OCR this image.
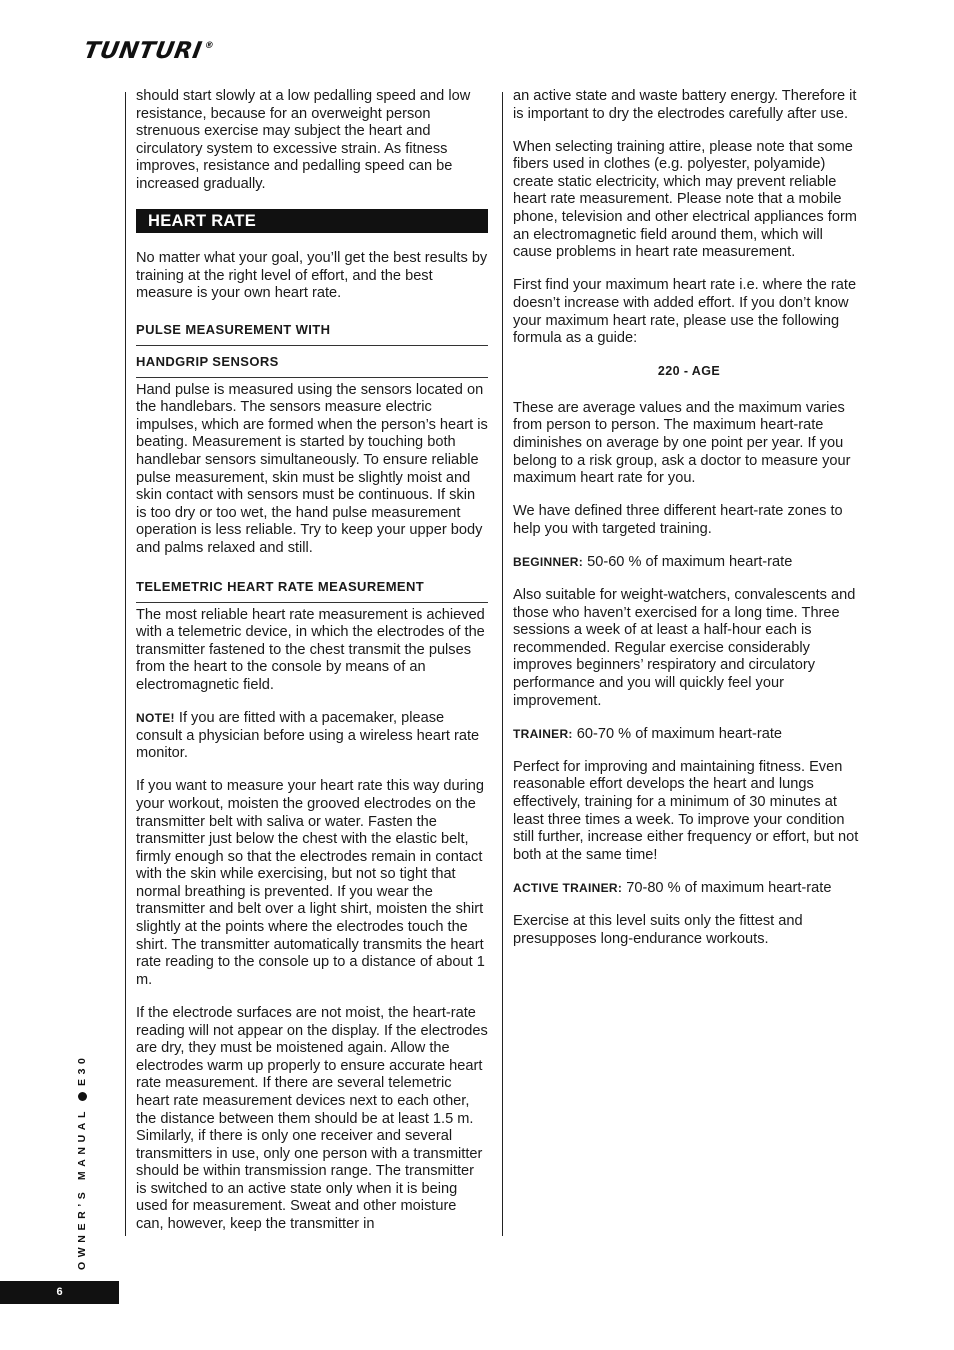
TUNTURI®

should start slowly at a low pedalling speed and low resistance, because for an overweight person strenuous exercise may subject the heart and circulatory system to excessive strain. As fitness improves, resistance and pedalling speed can be increased gradually.

HEART RATE

No matter what your goal, you’ll get the best results by training at the right level of effort, and the best measure is your own heart rate.

PULSE MEASUREMENT WITH
HANDGRIP SENSORS

Hand pulse is measured using the sensors located on the handlebars. The sensors measure electric impulses, which are formed when the person’s heart is beating. Measurement is started by touching both handlebar sensors simultaneously. To ensure reliable pulse measurement, skin must be slightly moist and skin contact with sensors must be continuous. If skin is too dry or too wet, the hand pulse measurement operation is less reliable. Try to keep your upper body and palms relaxed and still.

TELEMETRIC HEART RATE MEASUREMENT

The most reliable heart rate measurement is achieved with a telemetric device, in which the electrodes of the transmitter fastened to the chest transmit the pulses from the heart to the console by means of an electromagnetic field.

NOTE! If you are fitted with a pacemaker, please consult a physician before using a wireless heart rate monitor.

If you want to measure your heart rate this way during your workout, moisten the grooved electrodes on the transmitter belt with saliva or water. Fasten the transmitter just below the chest with the elastic belt, firmly enough so that the electrodes remain in contact with the skin while exercising, but not so tight that normal breathing is prevented. If you wear the transmitter and belt over a light shirt, moisten the shirt slightly at the points where the electrodes touch the shirt. The transmitter automatically transmits the heart rate reading to the console up to a distance of about 1 m.

If the electrode surfaces are not moist, the heart-rate reading will not appear on the display. If the electrodes are dry, they must be moistened again. Allow the electrodes warm up properly to ensure accurate heart rate measurement. If there are several telemetric heart rate measurement devices next to each other, the distance between them should be at least 1.5 m. Similarly, if there is only one receiver and several transmitters in use, only one person with a transmitter should be within transmission range. The transmitter is switched to an active state only when it is being used for measurement. Sweat and other moisture can, however, keep the transmitter in

an active state and waste battery energy. Therefore it is important to dry the electrodes carefully after use.

When selecting training attire, please note that some fibers used in clothes (e.g. polyester, polyamide) create static electricity, which may prevent reliable heart rate measurement. Please note that a mobile phone, television and other electrical appliances form an electromagnetic field around them, which will cause problems in heart rate measurement.

First find your maximum heart rate i.e. where the rate doesn’t increase with added effort. If you don’t know your maximum heart rate, please use the following formula as a guide:

220 - AGE

These are average values and the maximum varies from person to person. The maximum heart-rate diminishes on average by one point per year. If you belong to a risk group, ask a doctor to measure your maximum heart rate for you.

We have defined three different heart-rate zones to help you with targeted training.

BEGINNER: 50-60 % of maximum heart-rate

Also suitable for weight-watchers, convalescents and those who haven’t exercised for a long time. Three sessions a week of at least a half-hour each is recommended. Regular exercise considerably improves beginners’ respiratory and circulatory performance and you will quickly feel your improvement.

TRAINER: 60-70 % of maximum heart-rate

Perfect for improving and maintaining fitness. Even reasonable effort develops the heart and lungs effectively, training for a minimum of 30 minutes at least three times a week. To improve your condition still further, increase either frequency or effort, but not both at the same time!

ACTIVE TRAINER: 70-80 % of maximum heart-rate

Exercise at this level suits only the fittest and presupposes long-endurance workouts.

OWNER’S MANUALE30
6
